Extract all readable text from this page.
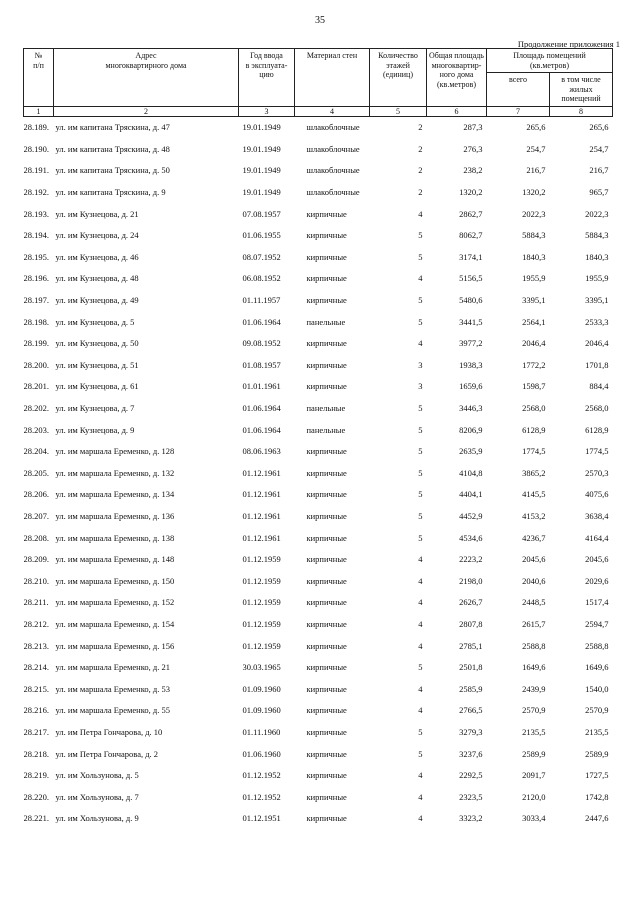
35
Продолжение приложения 1
№
п/п	Адрес
многоквартирного дома	Год ввода
в эксплуата-
цию	Материал стен	Количество
этажей
(единиц)	Общая площадь
многоквартир-
ного дома
(кв.метров)	Площадь помещений
(кв.метров)	

						всего	в том числе
жилых
помещений

1	2	3	4	5	6	7	8
28.189.	ул. им капитана Тряскина, д. 47	19.01.1949	шлакоблочные	2	287,3	265,6	265,6
28.190.	ул. им капитана Тряскина, д. 48	19.01.1949	шлакоблочные	2	276,3	254,7	254,7
28.191.	ул. им капитана Тряскина, д. 50	19.01.1949	шлакоблочные	2	238,2	216,7	216,7
28.192.	ул. им капитана Тряскина, д. 9	19.01.1949	шлакоблочные	2	1320,2	1320,2	965,7
28.193.	ул. им Кузнецова, д. 21	07.08.1957	кирпичные	4	2862,7	2022,3	2022,3
28.194.	ул. им Кузнецова, д. 24	01.06.1955	кирпичные	5	8062,7	5884,3	5884,3
28.195.	ул. им Кузнецова, д. 46	08.07.1952	кирпичные	5	3174,1	1840,3	1840,3
28.196.	ул. им Кузнецова, д. 48	06.08.1952	кирпичные	4	5156,5	1955,9	1955,9
28.197.	ул. им Кузнецова, д. 49	01.11.1957	кирпичные	5	5480,6	3395,1	3395,1
28.198.	ул. им Кузнецова, д. 5	01.06.1964	панельные	5	3441,5	2564,1	2533,3
28.199.	ул. им Кузнецова, д. 50	09.08.1952	кирпичные	4	3977,2	2046,4	2046,4
28.200.	ул. им Кузнецова, д. 51	01.08.1957	кирпичные	3	1938,3	1772,2	1701,8
28.201.	ул. им Кузнецова, д. 61	01.01.1961	кирпичные	3	1659,6	1598,7	884,4
28.202.	ул. им Кузнецова, д. 7	01.06.1964	панельные	5	3446,3	2568,0	2568,0
28.203.	ул. им Кузнецова, д. 9	01.06.1964	панельные	5	8206,9	6128,9	6128,9
28.204.	ул. им маршала Еременко, д. 128	08.06.1963	кирпичные	5	2635,9	1774,5	1774,5
28.205.	ул. им маршала Еременко, д. 132	01.12.1961	кирпичные	5	4104,8	3865,2	2570,3
28.206.	ул. им маршала Еременко, д. 134	01.12.1961	кирпичные	5	4404,1	4145,5	4075,6
28.207.	ул. им маршала Еременко, д. 136	01.12.1961	кирпичные	5	4452,9	4153,2	3638,4
28.208.	ул. им маршала Еременко, д. 138	01.12.1961	кирпичные	5	4534,6	4236,7	4164,4
28.209.	ул. им маршала Еременко, д. 148	01.12.1959	кирпичные	4	2223,2	2045,6	2045,6
28.210.	ул. им маршала Еременко, д. 150	01.12.1959	кирпичные	4	2198,0	2040,6	2029,6
28.211.	ул. им маршала Еременко, д. 152	01.12.1959	кирпичные	4	2626,7	2448,5	1517,4
28.212.	ул. им маршала Еременко, д. 154	01.12.1959	кирпичные	4	2807,8	2615,7	2594,7
28.213.	ул. им маршала Еременко, д. 156	01.12.1959	кирпичные	4	2785,1	2588,8	2588,8
28.214.	ул. им маршала Еременко, д. 21	30.03.1965	кирпичные	5	2501,8	1649,6	1649,6
28.215.	ул. им маршала Еременко, д. 53	01.09.1960	кирпичные	4	2585,9	2439,9	1540,0
28.216.	ул. им маршала Еременко, д. 55	01.09.1960	кирпичные	4	2766,5	2570,9	2570,9
28.217.	ул. им Петра Гончарова, д. 10	01.11.1960	кирпичные	5	3279,3	2135,5	2135,5
28.218.	ул. им Петра Гончарова, д. 2	01.06.1960	кирпичные	5	3237,6	2589,9	2589,9
28.219.	ул. им Хользунова, д. 5	01.12.1952	кирпичные	4	2292,5	2091,7	1727,5
28.220.	ул. им Хользунова, д. 7	01.12.1952	кирпичные	4	2323,5	2120,0	1742,8
28.221.	ул. им Хользунова, д. 9	01.12.1951	кирпичные	4	3323,2	3033,4	2447,6
